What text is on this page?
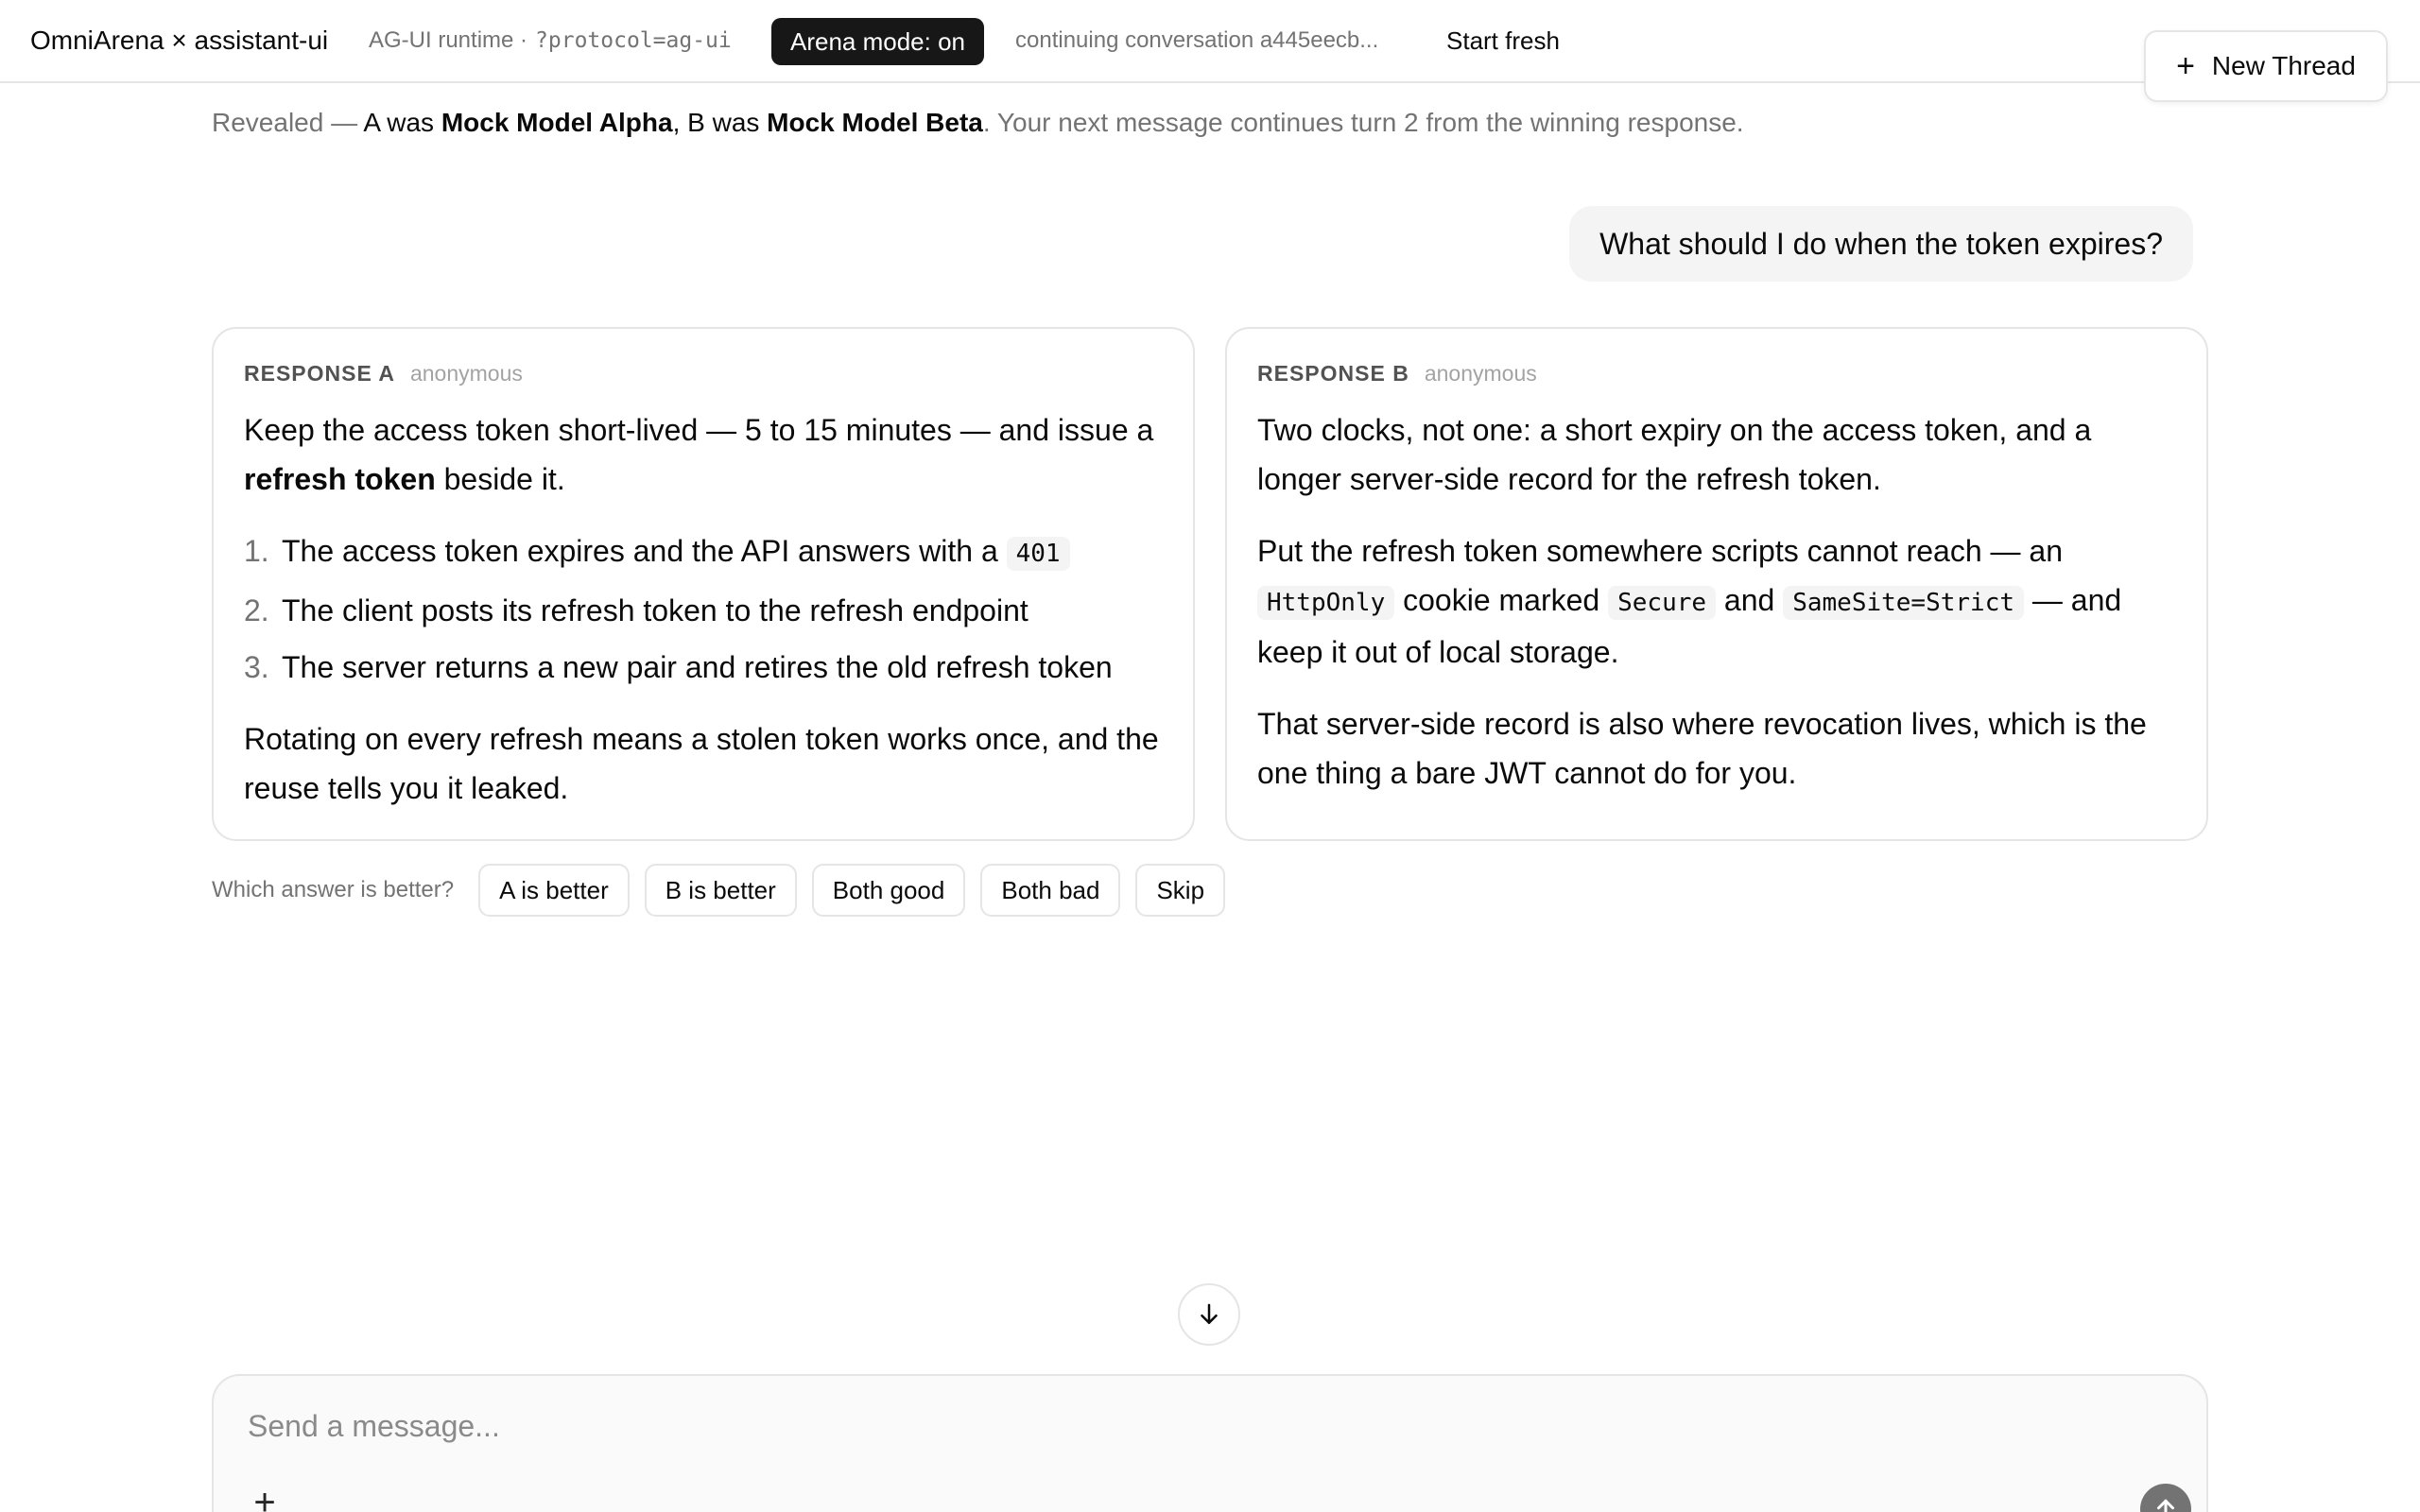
OmniArena × assistant-ui AG-UI runtime · ?protocol=ag-ui	Arena mode: on	continuing conversation a445eecb...	Start fresh
+ New Thread
Revealed — A was Mock Model Alpha, B was Mock Model Beta. Your next message continues turn 2 from the winning response.
What should I do when the token expires?
RESPONSE A anonymous

Keep the access token short-lived — 5 to 15 minutes — and issue a refresh token beside it.

1. The access token expires and the API answers with a 401
2. The client posts its refresh token to the refresh endpoint
3. The server returns a new pair and retires the old refresh token

Rotating on every refresh means a stolen token works once, and the reuse tells you it leaked.

RESPONSE B anonymous

Two clocks, not one: a short expiry on the access token, and a longer server-side record for the refresh token.

Put the refresh token somewhere scripts cannot reach — an HttpOnly cookie marked Secure and SameSite=Strict — and keep it out of local storage.

That server-side record is also where revocation lives, which is the one thing a bare JWT cannot do for you.

Which answer is better?	A is better	B is better	Both good	Both bad	Skip
Send a message...
+
